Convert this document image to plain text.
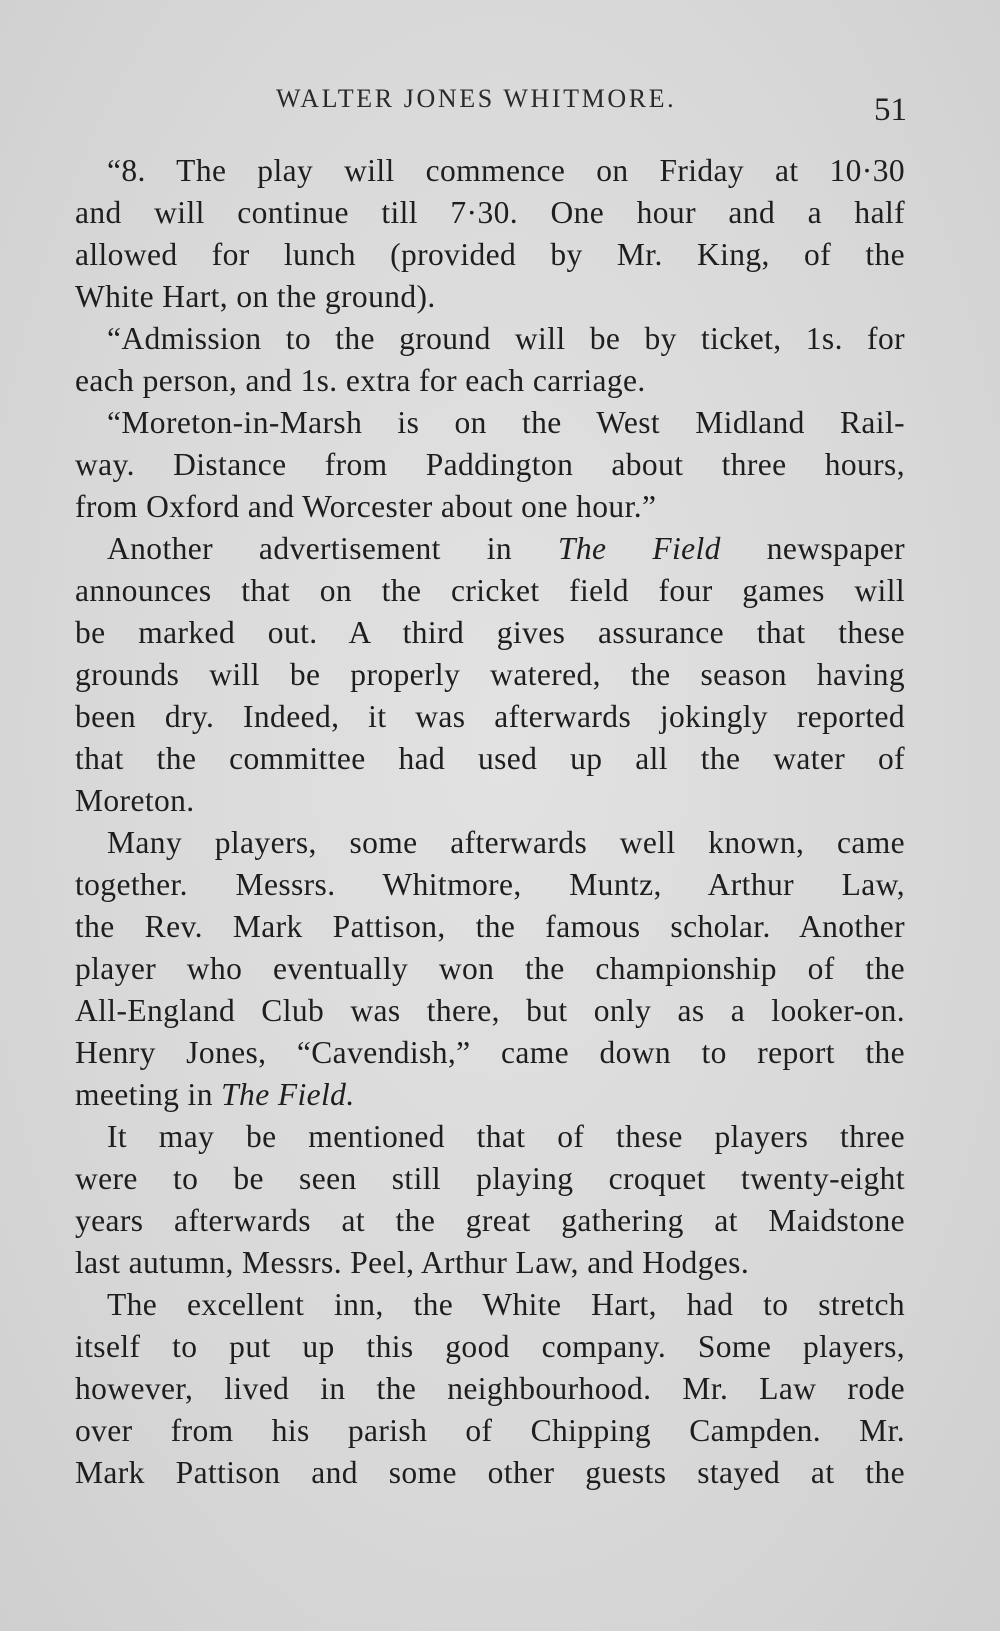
WALTER JONES WHITMORE.	51
“8. The play will commence on Friday at 10·30
and will continue till 7·30. One hour and a half
allowed for lunch (provided by Mr. King, of the
White Hart, on the ground).
“Admission to the ground will be by ticket, 1s. for
each person, and 1s. extra for each carriage.
“Moreton-in-Marsh is on the West Midland Rail-
way. Distance from Paddington about three hours,
from Oxford and Worcester about one hour.”
Another advertisement in The Field newspaper
announces that on the cricket field four games will
be marked out. A third gives assurance that these
grounds will be properly watered, the season having
been dry. Indeed, it was afterwards jokingly reported
that the committee had used up all the water of
Moreton.
Many players, some afterwards well known, came
together. Messrs. Whitmore, Muntz, Arthur Law,
the Rev. Mark Pattison, the famous scholar. Another
player who eventually won the championship of the
All-England Club was there, but only as a looker-on.
Henry Jones, “Cavendish,” came down to report the
meeting in The Field.
It may be mentioned that of these players three
were to be seen still playing croquet twenty-eight
years afterwards at the great gathering at Maidstone
last autumn, Messrs. Peel, Arthur Law, and Hodges.
The excellent inn, the White Hart, had to stretch
itself to put up this good company. Some players,
however, lived in the neighbourhood. Mr. Law rode
over from his parish of Chipping Campden. Mr.
Mark Pattison and some other guests stayed at the
